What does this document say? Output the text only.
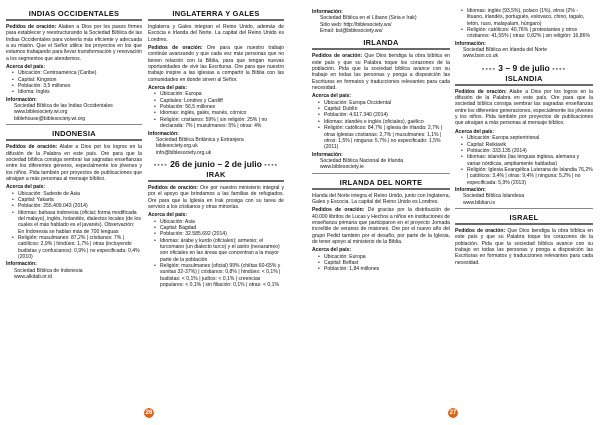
INDIAS OCCIDENTALES

Pedidos de oración: Alaben a Dios por los pasos firmes para establecer y reestructurando la Sociedad Bíblica de las Indias Occidentales para volverla más eficiente y adecuada a su misión. Que el Señor utilice los proyectos en los que estamos trabajando para llevar transformación y renovación a los segmentos que atendemos.

Acerca del país:
• Ubicación: Centroamérica (Caribe)
• Capital: Kingston
• Población: 3,5 millones
• Idioma: Inglés
Información:
Sociedad Bíblica de las Indias Occidentales
www.biblesociety.wi.org
biblehouse@biblesociety.wi.org
INDONESIA

Pedidos de oración: Alabe a Dios por los logros en la difusión de la Palabra en este país. Ore para que la sociedad bíblica consiga sembrar las sagradas enseñanzas entre los diferentes géneros, especialmente los jóvenes y los niños. Pida también por proyectos de publicaciones que atraigan a más personas al mensaje bíblico.

Acerca del país:
• Ubicación: Sudeste de Asia
• Capital: Yakarta
• Población: 255.409.043 (2014)
• Idiomas: bahasa indonesia (oficial; forma modificada del malayo), inglés, holandés, dialectos locales (de los cuales el más hablado es el javanés). Observación: En Indonesia se hablan más de 700 lenguas
• Religión: musulmanes: 87,2% | cristianos: 7% | católicos: 2,9% | hindúes: 1,7% | otras (incluyendo budistas y confucianos): 0,9% | no especificada: 0,4% (2010)
Información:
Sociedad Bíblica de Indonesia
www.alkitab.or.id
INGLATERRA Y GALES

Inglaterra y Gales integran el Reino Unido, además de Escocia e Irlanda del Norte. La capital del Reino Unido es Londres.

Pedidos de oración: Ore para que nuestro trabajo continúe avanzando y que cada vez más personas que no tienen relación con la Biblia, para que tengan nuevas oportunidades de vivir las Escrituras. Ore para que nuestro trabajo inspire a las iglesias a compartir la Biblia con las comunidades en donde sirven al Señor.

Acerca del país:
• Ubicación: Europa
• Capitales: Londres y Cardiff
• Población: 56,5 millones
• Idiomas: inglés, galés, manés, córnico
• Religión: cristianos: 59% | sin religión: 25% | no declarada: 7% | musulmanes: 5% | otras: 4%
Información:
Sociedad Bíblica Británica y Extranjera
biblesociety.org.uk
info@biblesociety.org.uk
▪▪▪▪ 26 de junio – 2 de julio ▪▪▪▪
IRAK

Pedidos de oración: Ore por nuestro ministerio integral y por el apoyo que brindamos a las familias de refugiados. Ore para que la Iglesia en Irak prosiga con su tarea de servicio a los cristianos y otras minorías.

Acerca del país:
• Ubicación: Asia
• Capital: Bagdad
• Población: 32.585.692 (2014)
• Idiomas: árabe y kurdo (oficiales); armenio; el turcomano (un dialecto turco) y el asirio (neoarameo) son oficiales en las áreas que concentran a la mayor parte de la población
• Religión: musulmanes (oficial) 99% (chiítas 60-65% y sunitas 32-37%) | cristianos: 0,8% | hindúes: < 0,1% | budistas: < 0,1% | judíos: < 0,1% | creencias populares: < 0,1% | sin filiación: 0,1% | otras: < 0,1%
Información:
Sociedad Bíblica en el Líbano (Siria e Irak)
Sitio web: http://biblesociety.ws/
Email: bsl@biblesociety.ws/
IRLANDA

Pedidos de oración: Que Dios bendiga la obra bíblica en este país y que su Palabra toque los corazones de la población. Pida que la sociedad bíblica avance con su trabajo en todas las personas y ponga a disposición las Escrituras en formatos y traducciones relevantes para cada necesidad.

Acerca del país:
• Ubicación: Europa Occidental
• Capital: Dublín
• Población: 4.617.340 (2014)
• Idiomas: irlandés e inglés (oficiales), gaélico
• Religión: católicos: 84,7% | iglesia de Irlanda: 2,7% | otras iglesias cristianas: 2,7% | musulmanes: 1,1% | otros: 1,5% | ninguna: 5,7% | no especificado: 1,5% (2011)
Información:
Sociedad Bíblica Nacional de Irlanda
www.biblesociety.ie
IRLANDA DEL NORTE

Irlanda del Norte integra el Reino Unido, junto con Inglaterra, Gales y Escocia. La capital del Reino Unido es Londres.

Pedidos de oración: Dé gracias por la distribución de 40.000 libritos de Lucas y Hechos a niños en instituciones de enseñanza primaria que participaron en el proyecto Jornada increíble de veranos de misiones. Ore por el nuevo año del grupo Pedid también por el desafío, por parte de la Iglesia, de tener apoyo al ministerio de la Biblia.

Acerca del país:
• Ubicación: Europa
• Capital: Belfast
• Población: 1,84 millones
• Idiomas: inglés (93,5%), polaco (1%), otros (2% - lituano, irlandés, portugués, eslovaco, chino, tagalo, letón, ruso, malayalam, húngaro)
• Religión: católicos: 40,76% | protestantes y otros cristianos: 41,55% | otras: 0,82% | sin religión: 16,86%
Información:
Sociedad Bíblica en Irlanda del Norte
www.bsni.co.uk
▪▪▪▪ 3 – 9 de julio ▪▪▪▪
ISLANDIA

Pedidos de oración: Alabe a Dios por los logros en la difusión de la Palabra en este país. Ore para que la sociedad bíblica consiga sembrar las sagradas enseñanzas entre los diferentes generaciones, especialmente los jóvenes y los niños. Pida también por proyectos de publicaciones que atraigan a más personas al mensaje bíblico.

Acerca del país:
• Ubicación: Europa septentrional
• Capital: Reikiavik
• Población: 333.135 (2014)
• Idiomas: islandés (las lenguas inglesa, alemana y varias nórdicas, ampliamente habladas)
• Religión: Iglesia Evangélica Luterana de Islandia 76,2% | católicos: 3,4% | otras: 9,4% | ninguna: 5,2% | no especificada: 5,9% (2013)
Información:
Sociedad Bíblica Islandesa
www.biblian.is
ISRAEL

Pedidos de oración: Que Dios bendiga la obra bíblica en este país y que su Palabra toque los corazones de la población. Pida que la sociedad bíblica avance con su trabajo en todas las personas y ponga a disposición las Escrituras en formatos y traducciones relevantes para cada necesidad.

26	27
